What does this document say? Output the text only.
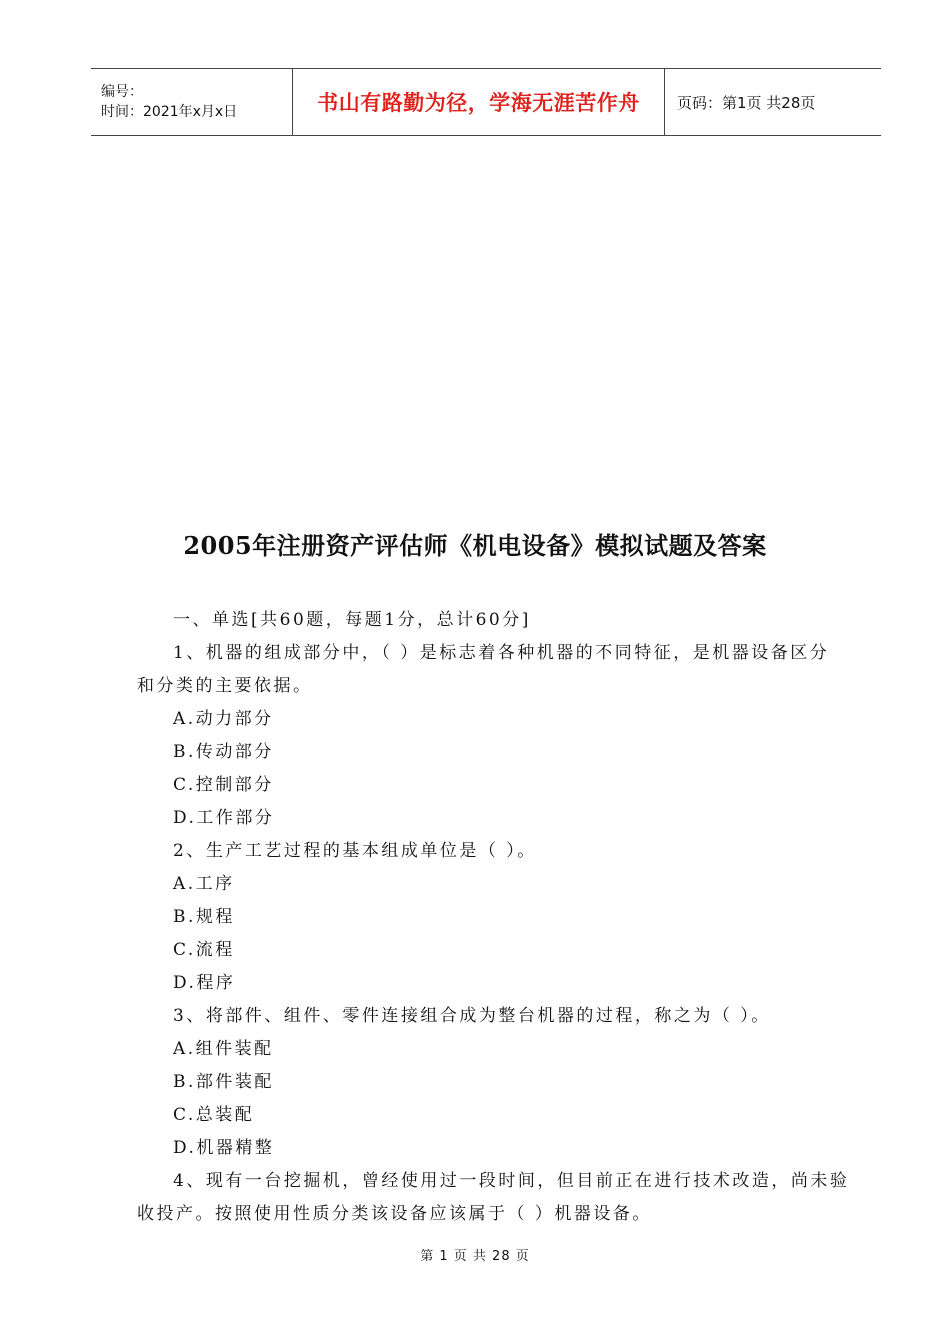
编号：
时间：2021年x月x日	书山有路勤为径，学海无涯苦作舟 页码：第1页 共28页
2005年注册资产评估师《机电设备》模拟试题及答案
一、单选[共60题，每题1分，总计60分]
1、机器的组成部分中，（ ）是标志着各种机器的不同特征，是机器设备区分
和分类的主要依据。
A.动力部分
B.传动部分
C.控制部分
D.工作部分
2、生产工艺过程的基本组成单位是（ ）。
A.工序
B.规程
C.流程
D.程序
3、将部件、组件、零件连接组合成为整台机器的过程，称之为（ ）。
A.组件装配
B.部件装配
C.总装配
D.机器精整
4、现有一台挖掘机，曾经使用过一段时间，但目前正在进行技术改造，尚未验
收投产。按照使用性质分类该设备应该属于（ ）机器设备。
第 1 页 共 28 页
